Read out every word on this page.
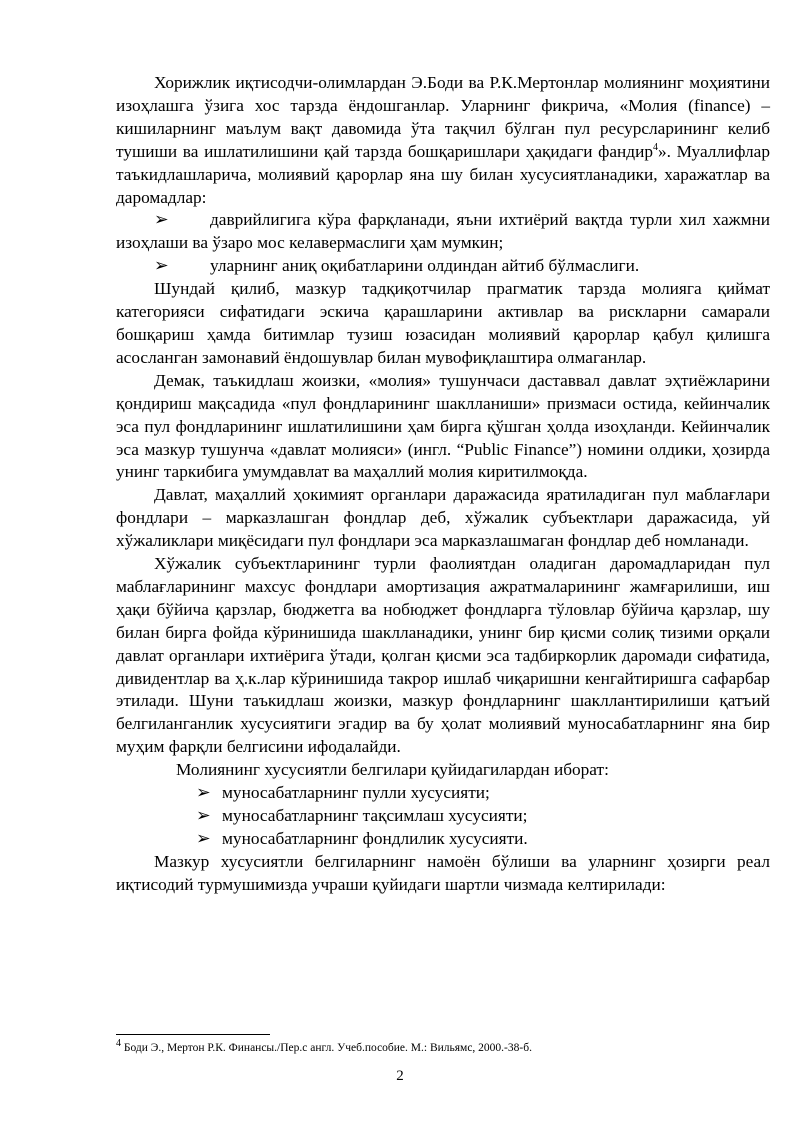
Хорижлик иқтисодчи-олимлардан Э.Боди ва Р.К.Мертонлар молиянинг моҳиятини изоҳлашга ўзига хос тарзда ёндошганлар. Уларнинг фикрича, «Молия (finance) – кишиларнинг маълум вақт давомида ўта тақчил бўлган пул ресурсларининг келиб тушиши ва ишлатилишини қай тарзда бошқаришлари ҳақидаги фандир$^4$». Муаллифлар таъкидлашларича, молиявий қарорлар яна шу билан хусусиятланадики, харажатлар ва даромадлар:

➢ даврийлигига кўра фарқланади, яъни ихтиёрий вақтда турли хил хажмни изоҳлаши ва ўзаро мос келавермаслиги ҳам мумкин;
➢ уларнинг аниқ оқибатларини олдиндан айтиб бўлмаслиги.

Шундай қилиб, мазкур тадқиқотчилар прагматик тарзда молияга қиймат категорияси сифатидаги эскича қарашларини активлар ва рискларни самарали бошқариш ҳамда битимлар тузиш юзасидан молиявий қарорлар қабул қилишга асосланган замонавий ёндошувлар билан мувофиқлаштира олмаганлар.

Демак, таъкидлаш жоизки, «молия» тушунчаси даставвал давлат эҳтиёжларини қондириш мақсадида «пул фондларининг шаклланиши» призмаси остида, кейинчалик эса пул фондларининг ишлатилишини ҳам бирга қўшган ҳолда изоҳланди. Кейинчалик эса мазкур тушунча «давлат молияси» (ингл. “Public Finance”) номини олдики, ҳозирда унинг таркибига умумдавлат ва маҳаллий молия киритилмоқда.

Давлат, маҳаллий ҳокимият органлари даражасида яратиладиган пул маблағлари фондлари – марказлашган фондлар деб, хўжалик субъектлари даражасида, уй хўжаликлари миқёсидаги пул фондлари эса марказлашмаган фондлар деб номланади.

Хўжалик субъектларининг турли фаолиятдан оладиган даромадларидан пул маблағларининг махсус фондлари амортизация ажратмаларининг жамғарилиши, иш ҳақи бўйича қарзлар, бюджетга ва нобюджет фондларга тўловлар бўйича қарзлар, шу билан бирга фойда кўринишида шаклланадики, унинг бир қисми солиқ тизими орқали давлат органлари ихтиёрига ўтади, қолган қисми эса тадбиркорлик даромади сифатида, дивидентлар ва ҳ.к.лар кўринишида такрор ишлаб чиқаришни кенгайтиришга сафарбар этилади. Шуни таъкидлаш жоизки, мазкур фондларнинг шакллантирилиши қатъий белгиланганлик хусусиятиги эгадир ва бу ҳолат молиявий муносабатларнинг яна бир муҳим фарқли белгисини ифодалайди.

Молиянинг хусусиятли белгилари қуйидагилардан иборат:
➢ муносабатларнинг пулли хусусияти;
➢ муносабатларнинг тақсимлаш хусусияти;
➢ муносабатларнинг фондлилик хусусияти.

Мазкур хусусиятли белгиларнинг намоён бўлиши ва уларнинг ҳозирги реал иқтисодий турмушимизда учраши қуйидаги шартли чизмада келтирилади:

$^4$ Боди Э., Мертон Р.К. Финансы./Пер.с англ. Учеб.пособие. М.: Вильямс, 2000.-38-б.
2
